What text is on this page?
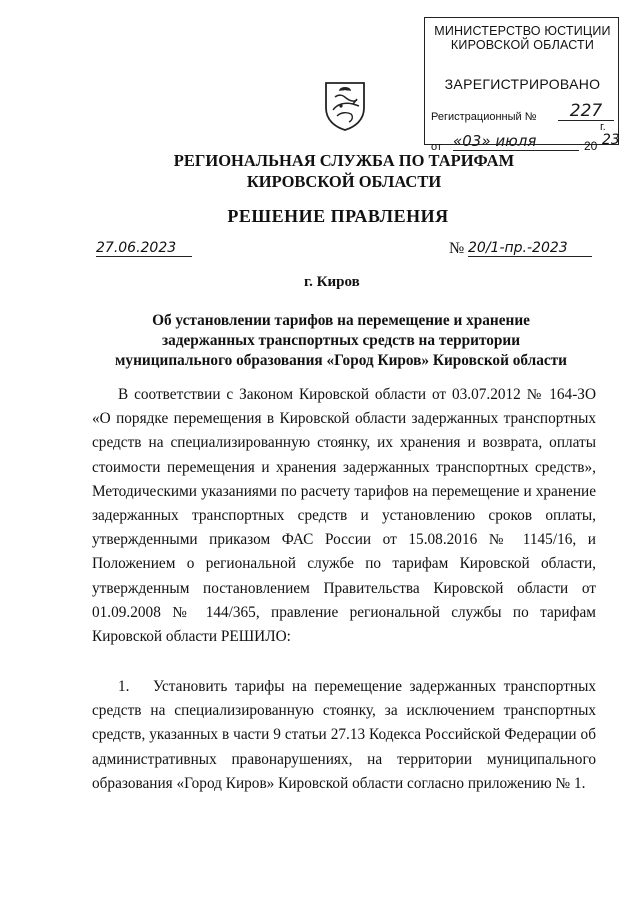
МИНИСТЕРСТВО ЮСТИЦИИ КИРОВСКОЙ ОБЛАСТИ
ЗАРЕГИСТРИРОВАНО
Регистрационный №	227
от «03» июля	20 23
г.
РЕГИОНАЛЬНАЯ СЛУЖБА ПО ТАРИФАМ
КИРОВСКОЙ ОБЛАСТИ
РЕШЕНИЕ ПРАВЛЕНИЯ
27.06.2023	№ 20/1-пр.-2023
г. Киров
Об установлении тарифов на перемещение и хранение задержанных транспортных средств на территории муниципального образования «Город Киров» Кировской области
В соответствии с Законом Кировской области от 03.07.2012 № 164-ЗО «О порядке перемещения в Кировской области задержанных транспортных средств на специализированную стоянку, их хранения и возврата, оплаты стоимости перемещения и хранения задержанных транспортных средств», Методическими указаниями по расчету тарифов на перемещение и хранение задержанных транспортных средств и установлению сроков оплаты, утвержденными приказом ФАС России от 15.08.2016 № 1145/16, и Положением о региональной службе по тарифам Кировской области, утвержденным постановлением Правительства Кировской области от 01.09.2008 № 144/365, правление региональной службы по тарифам Кировской области РЕШИЛО:
1. Установить тарифы на перемещение задержанных транспортных средств на специализированную стоянку, за исключением транспортных средств, указанных в части 9 статьи 27.13 Кодекса Российской Федерации об административных правонарушениях, на территории муниципального образования «Город Киров» Кировской области согласно приложению № 1.
